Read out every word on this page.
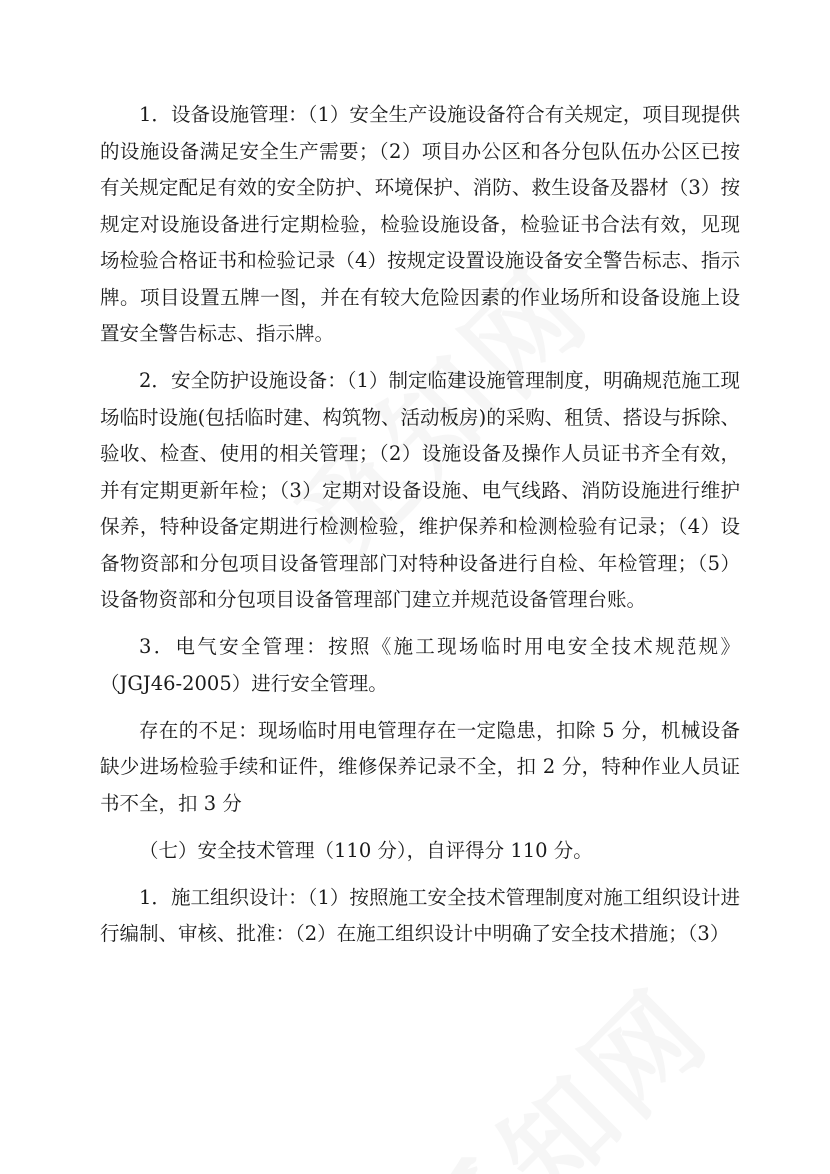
1．设备设施管理：（1）安全生产设施设备符合有关规定，项目现提供的设施设备满足安全生产需要；（2）项目办公区和各分包队伍办公区已按有关规定配足有效的安全防护、环境保护、消防、救生设备及器材（3）按规定对设施设备进行定期检验，检验设施设备，检验证书合法有效，见现场检验合格证书和检验记录（4）按规定设置设施设备安全警告标志、指示牌。项目设置五牌一图，并在有较大危险因素的作业场所和设备设施上设置安全警告标志、指示牌。

2．安全防护设施设备：（1）制定临建设施管理制度，明确规范施工现场临时设施(包括临时建、构筑物、活动板房)的采购、租赁、搭设与拆除、验收、检查、使用的相关管理；（2）设施设备及操作人员证书齐全有效，并有定期更新年检；（3）定期对设备设施、电气线路、消防设施进行维护保养，特种设备定期进行检测检验，维护保养和检测检验有记录；（4）设备物资部和分包项目设备管理部门对特种设备进行自检、年检管理；（5）设备物资部和分包项目设备管理部门建立并规范设备管理台账。

3．电气安全管理：按照《施工现场临时用电安全技术规范规》（JGJ46-2005）进行安全管理。

存在的不足：现场临时用电管理存在一定隐患，扣除 5 分，机械设备缺少进场检验手续和证件，维修保养记录不全，扣 2 分，特种作业人员证书不全，扣 3 分

（七）安全技术管理（110 分），自评得分 110 分。

1．施工组织设计：（1）按照施工安全技术管理制度对施工组织设计进行编制、审核、批准：（2）在施工组织设计中明确了安全技术措施；（3）
